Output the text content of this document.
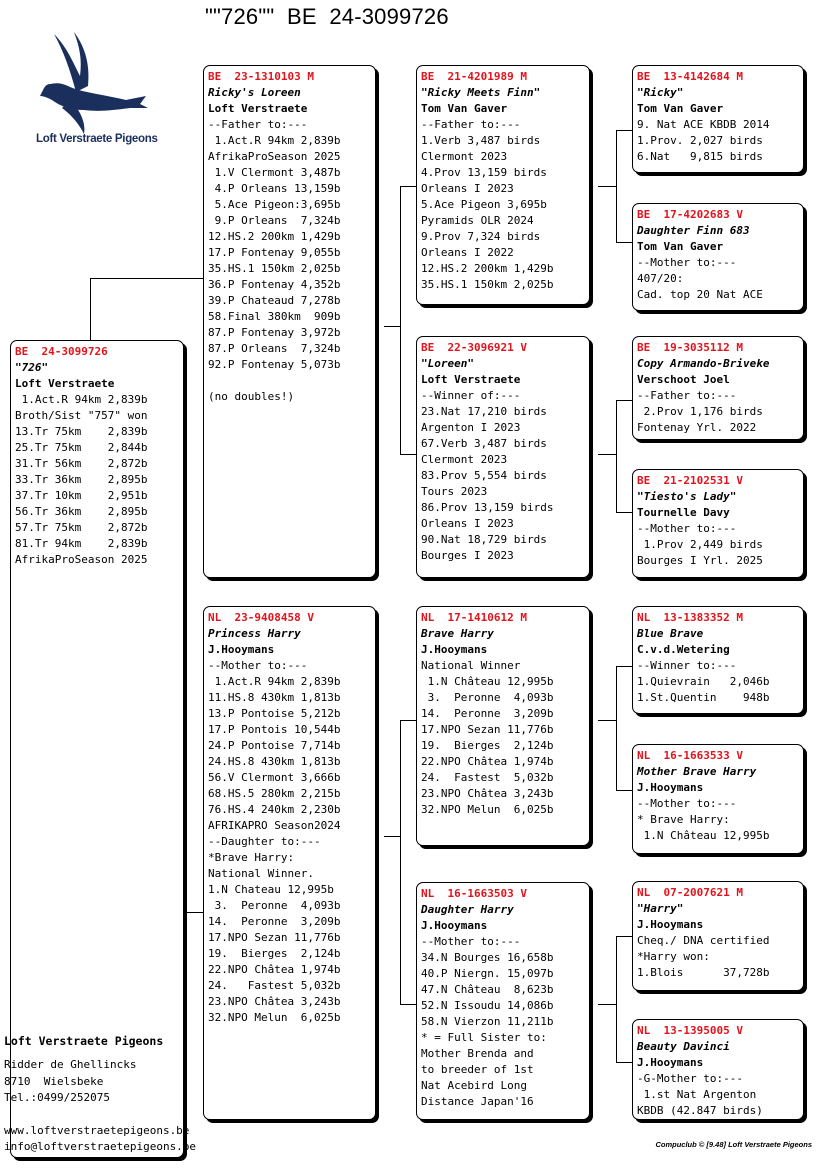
""726""  BE  24-3099726
Loft Verstraete Pigeons
BE  24-3099726
"726"
Loft Verstraete
1.Act.R 94km 2,839b
Broth/Sist "757" won
13.Tr 75km    2,839b
25.Tr 75km    2,844b
31.Tr 56km    2,872b
33.Tr 36km    2,895b
37.Tr 10km    2,951b
56.Tr 36km    2,895b
57.Tr 75km    2,872b
81.Tr 94km    2,839b
AfrikaProSeason 2025
BE  23-1310103 M
Ricky's Loreen
Loft Verstraete
--Father to:---
1.Act.R 94km 2,839b
AfrikaProSeason 2025
1.V Clermont 3,487b
4.P Orleans 13,159b
5.Ace Pigeon:3,695b
9.P Orleans  7,324b
12.HS.2 200km 1,429b
17.P Fontenay 9,055b
35.HS.1 150km 2,025b
36.P Fontenay 4,352b
39.P Chateaud 7,278b
58.Final 380km  909b
87.P Fontenay 3,972b
87.P Orleans  7,324b
92.P Fontenay 5,073b
(no doubles!)
NL  23-9408458 V
Princess Harry
J.Hooymans
--Mother to:---
1.Act.R 94km 2,839b
11.HS.8 430km 1,813b
13.P Pontoise 5,212b
17.P Pontois 10,544b
24.P Pontoise 7,714b
24.HS.8 430km 1,813b
56.V Clermont 3,666b
68.HS.5 280km 2,215b
76.HS.4 240km 2,230b
AFRIKAPRO Season2024
--Daughter to:---
*Brave Harry:
National Winner.
1.N Chateau 12,995b
3.  Peronne  4,093b
14.  Peronne  3,209b
17.NPO Sezan 11,776b
19.  Bierges  2,124b
22.NPO Châtea 1,974b
24.   Fastest 5,032b
23.NPO Châtea 3,243b
32.NPO Melun  6,025b
BE  21-4201989 M
"Ricky Meets Finn"
Tom Van Gaver
--Father to:---
1.Verb 3,487 birds
Clermont 2023
4.Prov 13,159 birds
Orleans I 2023
5.Ace Pigeon 3,695b
Pyramids OLR 2024
9.Prov 7,324 birds
Orleans I 2022
12.HS.2 200km 1,429b
35.HS.1 150km 2,025b
BE  22-3096921 V
"Loreen"
Loft Verstraete
--Winner of:---
23.Nat 17,210 birds
Argenton I 2023
67.Verb 3,487 birds
Clermont 2023
83.Prov 5,554 birds
Tours 2023
86.Prov 13,159 birds
Orleans I 2023
90.Nat 18,729 birds
Bourges I 2023
NL  17-1410612 M
Brave Harry
J.Hooymans
National Winner
1.N Château 12,995b
3.  Peronne  4,093b
14.  Peronne  3,209b
17.NPO Sezan 11,776b
19.  Bierges  2,124b
22.NPO Châtea 1,974b
24.  Fastest  5,032b
23.NPO Châtea 3,243b
32.NPO Melun  6,025b
NL  16-1663503 V
Daughter Harry
J.Hooymans
--Mother to:---
34.N Bourges 16,658b
40.P Niergn. 15,097b
47.N Château  8,623b
52.N Issoudu 14,086b
58.N Vierzon 11,211b
* = Full Sister to:
Mother Brenda and
to breeder of 1st
Nat Acebird Long
Distance Japan'16
BE  13-4142684 M
"Ricky"
Tom Van Gaver
9. Nat ACE KBDB 2014
1.Prov. 2,027 birds
6.Nat   9,815 birds
BE  17-4202683 V
Daughter Finn 683
Tom Van Gaver
--Mother to:---
407/20:
Cad. top 20 Nat ACE
BE  19-3035112 M
Copy Armando-Briveke
Verschoot Joel
--Father to:---
2.Prov 1,176 birds
Fontenay Yrl. 2022
BE  21-2102531 V
"Tiesto's Lady"
Tournelle Davy
--Mother to:---
1.Prov 2,449 birds
Bourges I Yrl. 2025
NL  13-1383352 M
Blue Brave
C.v.d.Wetering
--Winner to:---
1.Quievrain   2,046b
1.St.Quentin    948b
NL  16-1663533 V
Mother Brave Harry
J.Hooymans
--Mother to:---
* Brave Harry:
1.N Château 12,995b
NL  07-2007621 M
"Harry"
J.Hooymans
Cheq./ DNA certified
*Harry won:
1.Blois      37,728b
NL  13-1395005 V
Beauty Davinci
J.Hooymans
-G-Mother to:---
1.st Nat Argenton
KBDB (42.847 birds)
Loft Verstraete Pigeons
Ridder de Ghellincks
8710  Wielsbeke
Tel.:0499/252075
www.loftverstraetepigeons.be
info@loftverstraetepigeons.be	Compuclub © [9.48] Loft Verstraete Pigeons
